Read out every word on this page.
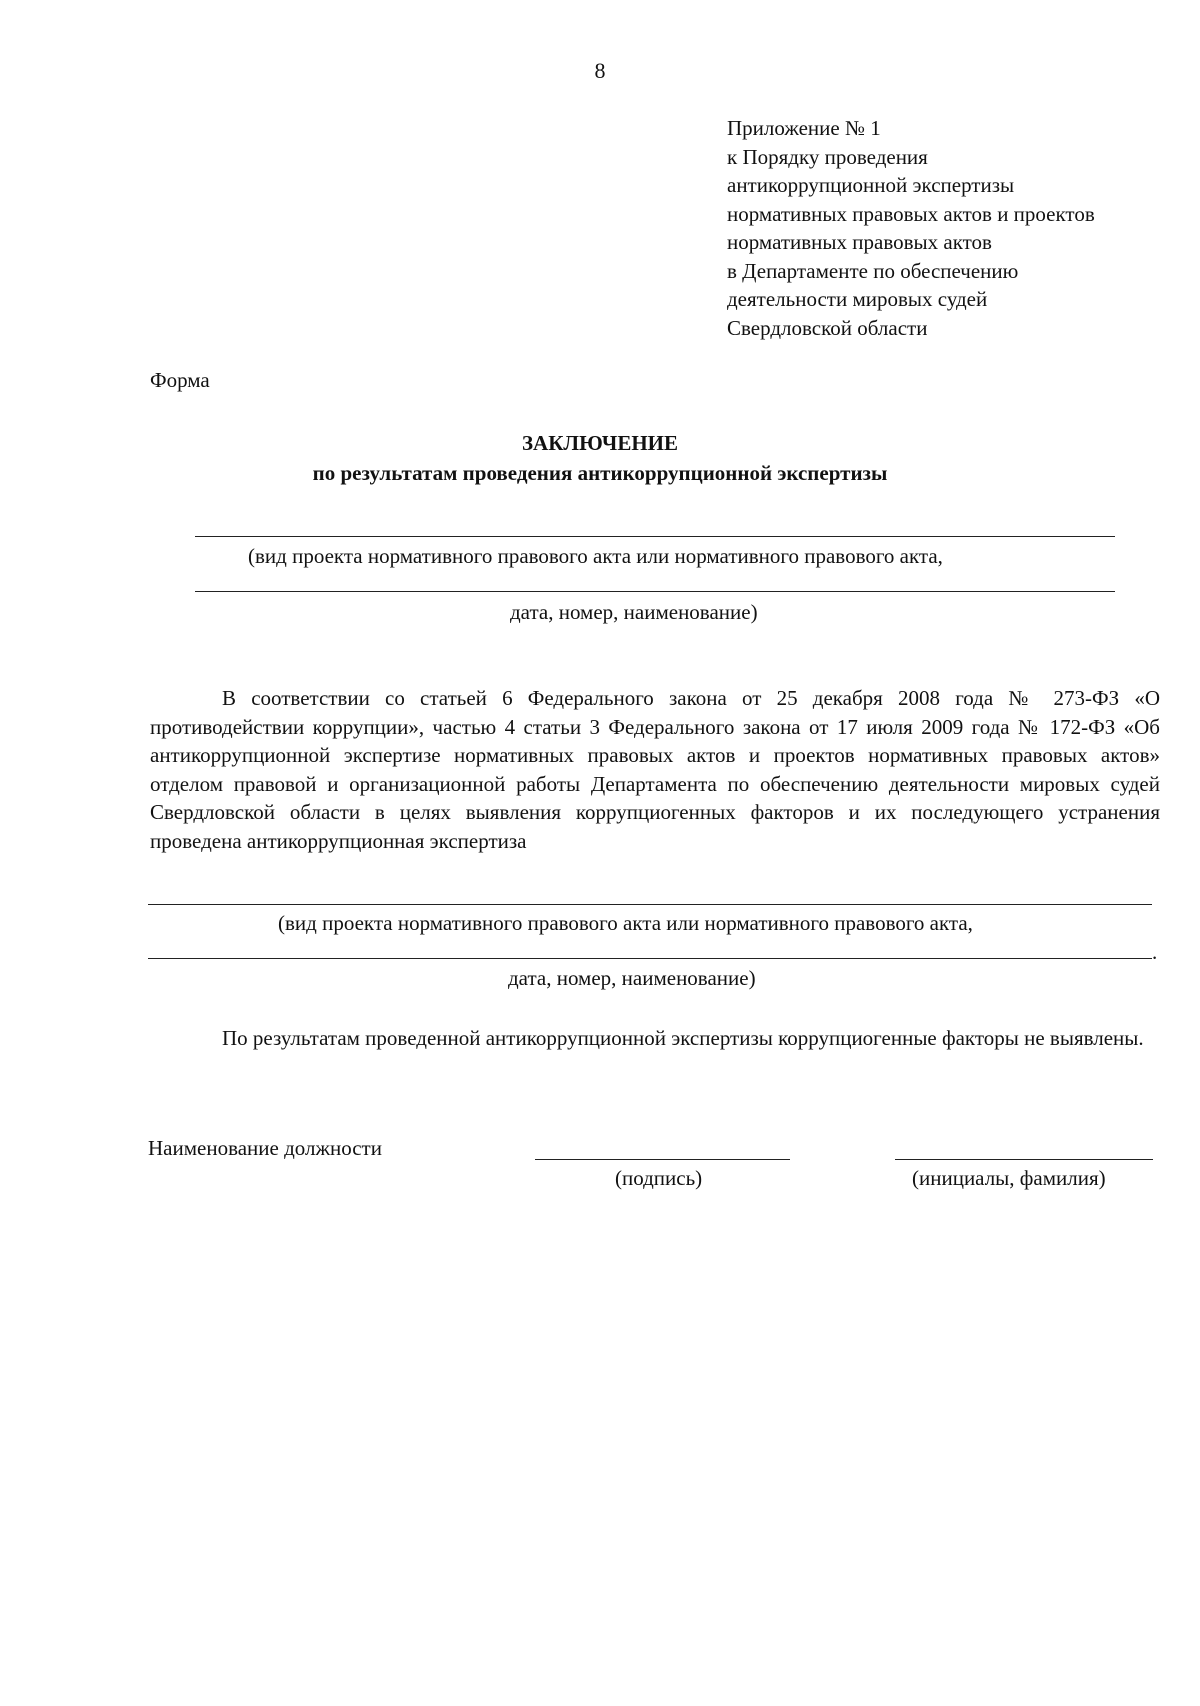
8
Приложение № 1
к Порядку проведения
антикоррупционной экспертизы
нормативных правовых актов и проектов
нормативных правовых актов
в Департаменте по обеспечению
деятельности мировых судей
Свердловской области
Форма
ЗАКЛЮЧЕНИЕ
по результатам проведения антикоррупционной экспертизы
(вид проекта нормативного правового акта или нормативного правового акта,
дата, номер, наименование)
В соответствии со статьей 6 Федерального закона от 25 декабря 2008 года № 273-ФЗ «О противодействии коррупции», частью 4 статьи 3 Федерального закона от 17 июля 2009 года № 172-ФЗ «Об антикоррупционной экспертизе нормативных правовых актов и проектов нормативных правовых актов» отделом правовой и организационной работы Департамента по обеспечению деятельности мировых судей Свердловской области в целях выявления коррупциогенных факторов и их последующего устранения проведена антикоррупционная экспертиза
(вид проекта нормативного правового акта или нормативного правового акта,
.
дата, номер, наименование)
По результатам проведенной антикоррупционной экспертизы коррупциогенные факторы не выявлены.
Наименование должности
(подпись)	(инициалы, фамилия)
